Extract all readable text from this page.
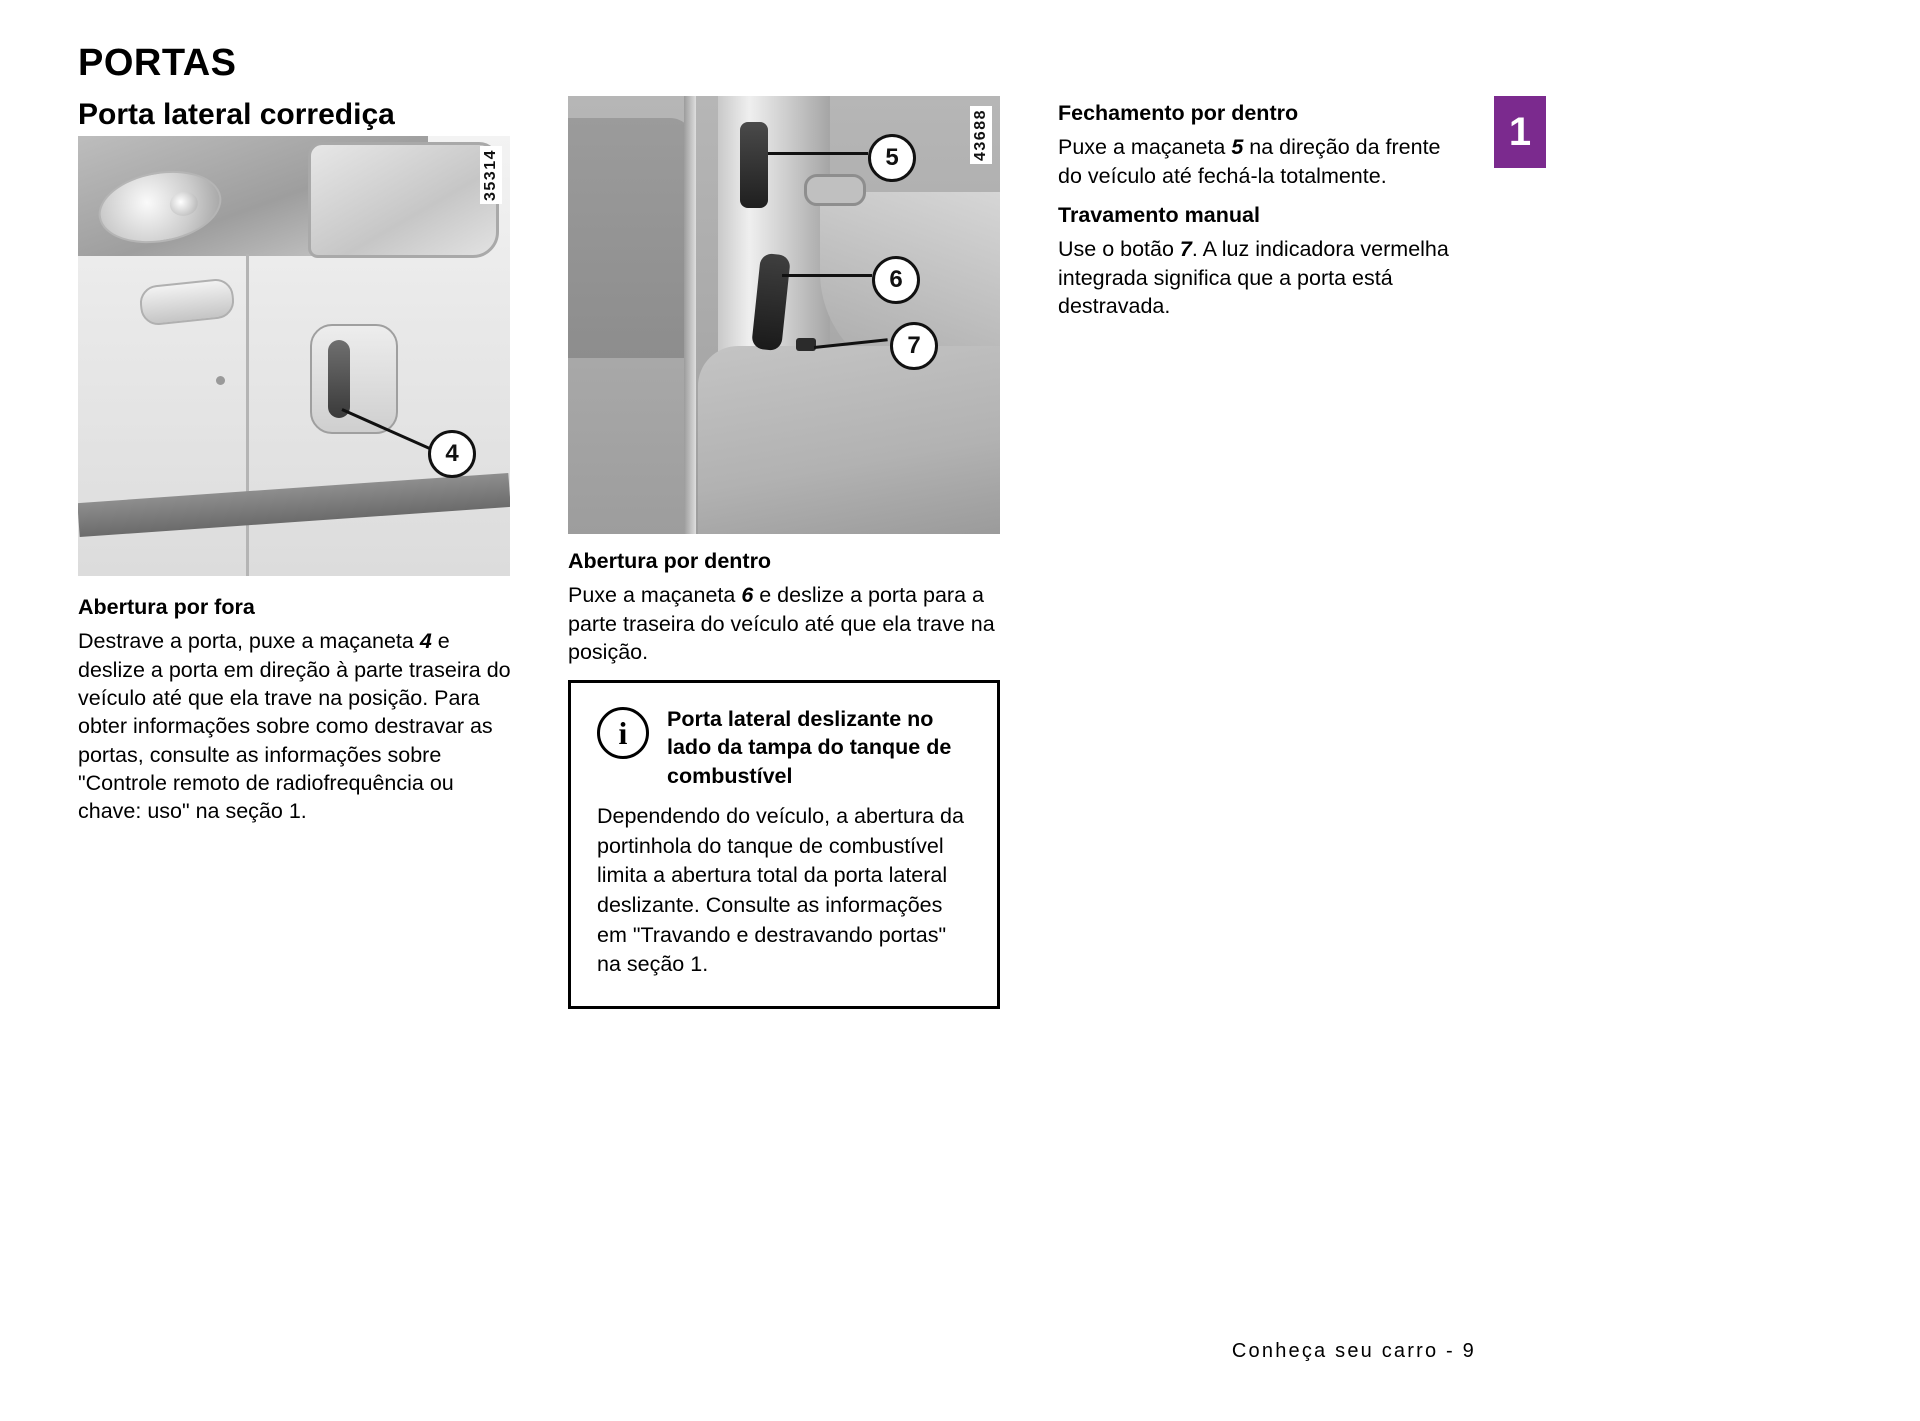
1
PORTAS
Porta lateral corrediça
4
35314	5
6
7
43688
Abertura por fora

Destrave a porta, puxe a maçaneta 4 e deslize a porta em direção à parte traseira do veículo até que ela trave na posição. Para obter informações sobre como destravar as portas, consulte as informações sobre "Controle remoto de radiofrequência ou chave: uso" na seção 1.

Abertura por dentro

Puxe a maçaneta 6 e deslize a porta para a parte traseira do veículo até que ela trave na posição.

i	Porta lateral deslizante no lado da tampa do tanque de combustível
Dependendo do veículo, a abertura da portinhola do tanque de combustível limita a abertura total da porta lateral deslizante. Consulte as informações em "Travando e destravando portas" na seção 1.
Fechamento por dentro

Puxe a maçaneta 5 na direção da frente do veículo até fechá-la totalmente.

Travamento manual

Use o botão 7. A luz indicadora vermelha integrada significa que a porta está destravada.

Conheça seu carro - 9
